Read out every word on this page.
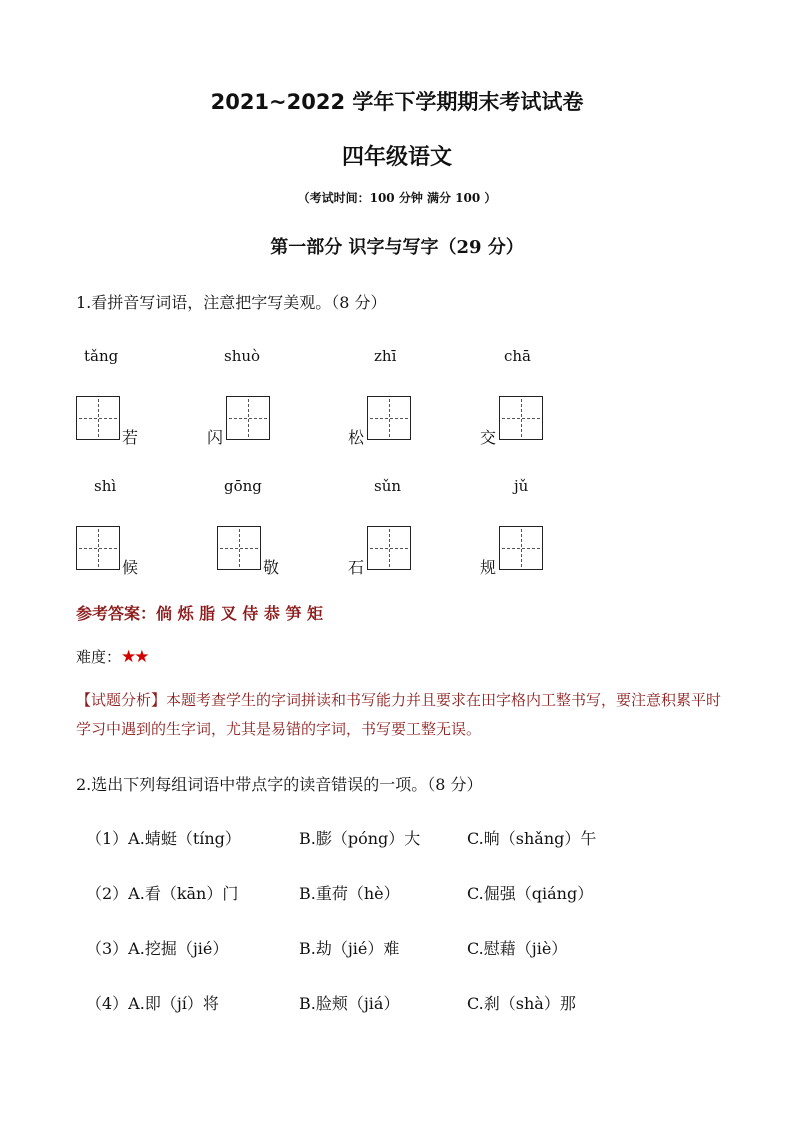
2021~2022 学年下学期期末考试试卷
四年级语文
（考试时间：100 分钟 满分 100 ）
第一部分 识字与写字（29 分）
1.看拼音写词语，注意把字写美观。（8 分）
tǎng	shuò	zhī	chā
若	闪	松	交
shì	gōng	sǔn	jǔ
候	敬	石	规
参考答案：倘 烁 脂 叉 侍 恭 笋 矩
难度：★★
【试题分析】本题考查学生的字词拼读和书写能力并且要求在田字格内工整书写，要注意积累平时学习中遇到的生字词，尤其是易错的字词，书写要工整无误。
2.选出下列每组词语中带点字的读音错误的一项。（8 分）
（1）A.蜻蜓（tíng）	B.膨（póng）大	C.晌（shǎng）午
（2）A.看（kān）门	B.重荷（hè）	C.倔强（qiáng）
（3）A.挖掘（jié）	B.劫（jié）难	C.慰藉（jiè）
（4）A.即（jí）将	B.脸颊（jiá）	C.刹（shà）那
